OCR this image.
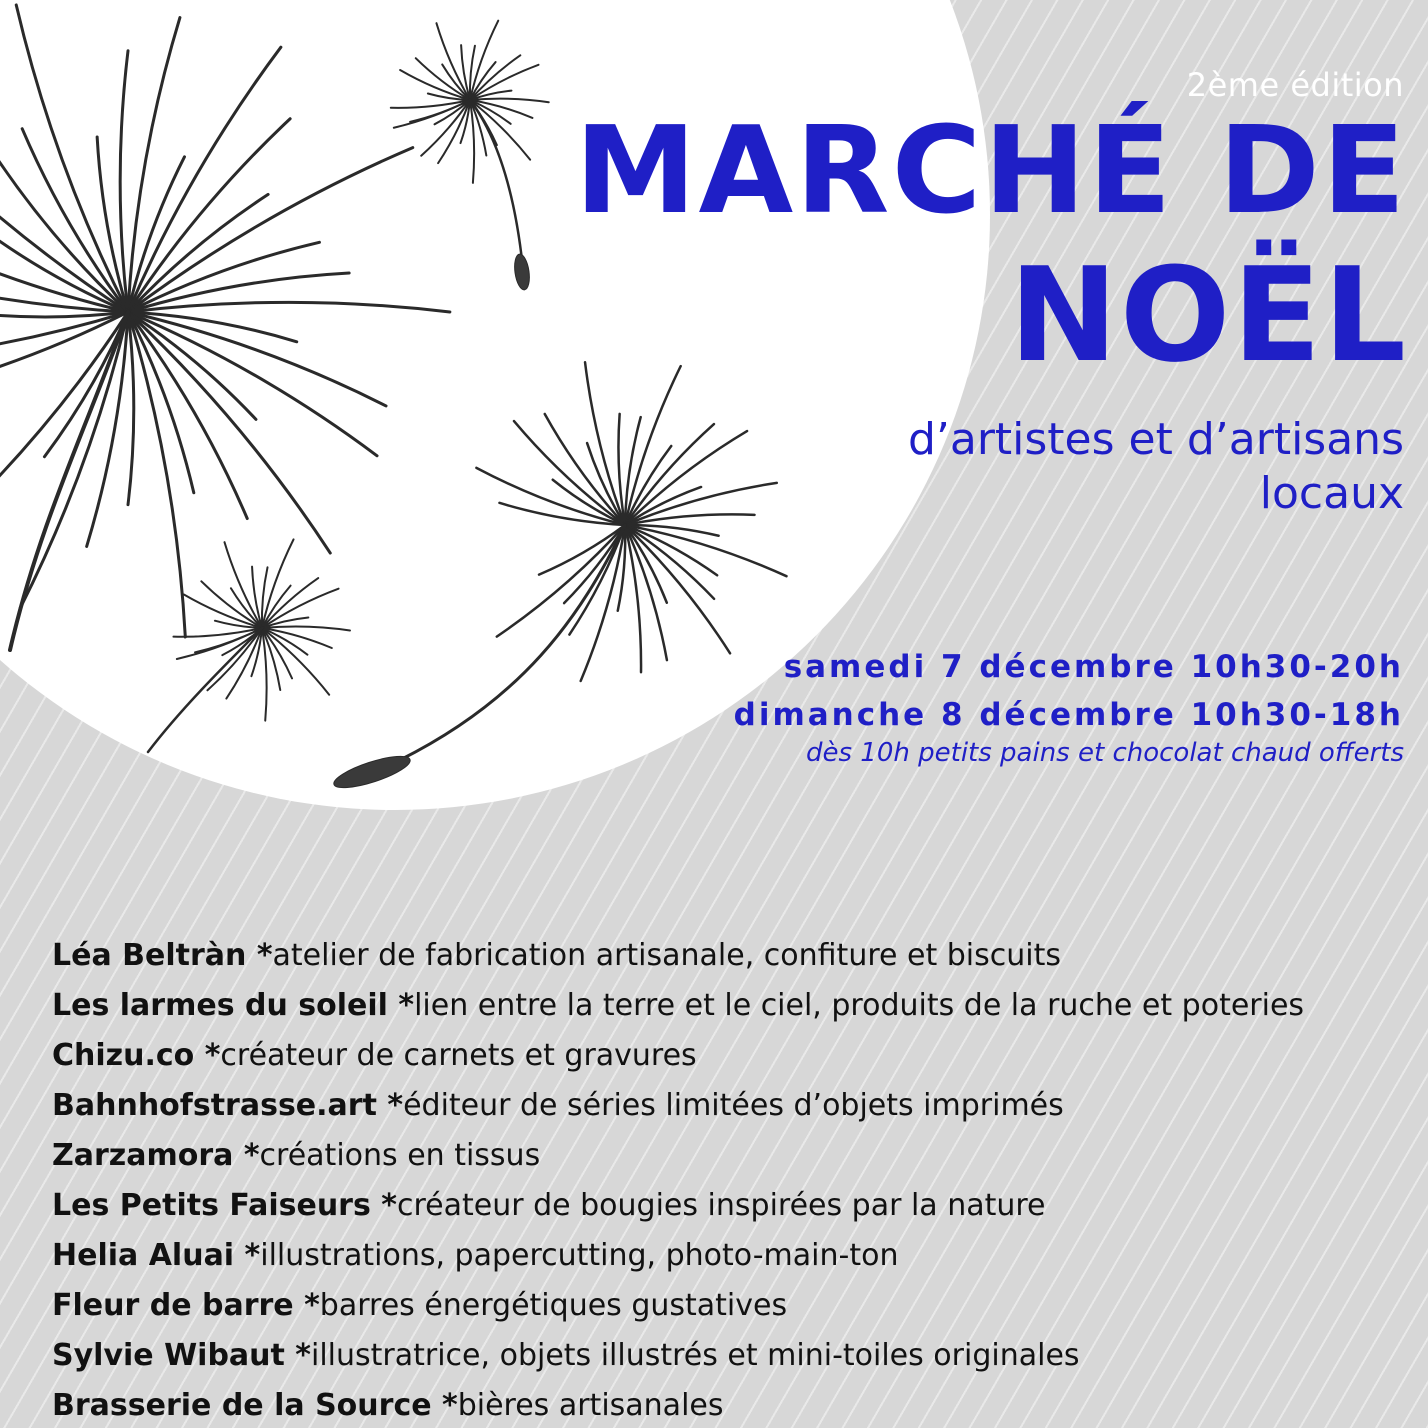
2ème édition

MARCHÉ DE
NOËL

d’artistes et d’artisans

locaux

samedi 7 décembre 10h30-20h

dimanche 8 décembre 10h30-18h

dès 10h petits pains et chocolat chaud offerts

Léa Beltràn *atelier de fabrication artisanale, confiture et biscuits
Les larmes du soleil *lien entre la terre et le ciel, produits de la ruche et poteries
Chizu.co *créateur de carnets et gravures
Bahnhofstrasse.art *éditeur de séries limitées d’objets imprimés
Zarzamora *créations en tissus
Les Petits Faiseurs *créateur de bougies inspirées par la nature
Helia Aluai *illustrations, papercutting, photo-main-ton
Fleur de barre *barres énergétiques gustatives
Sylvie Wibaut *illustratrice, objets illustrés et mini-toiles originales
Brasserie de la Source *bières artisanales
